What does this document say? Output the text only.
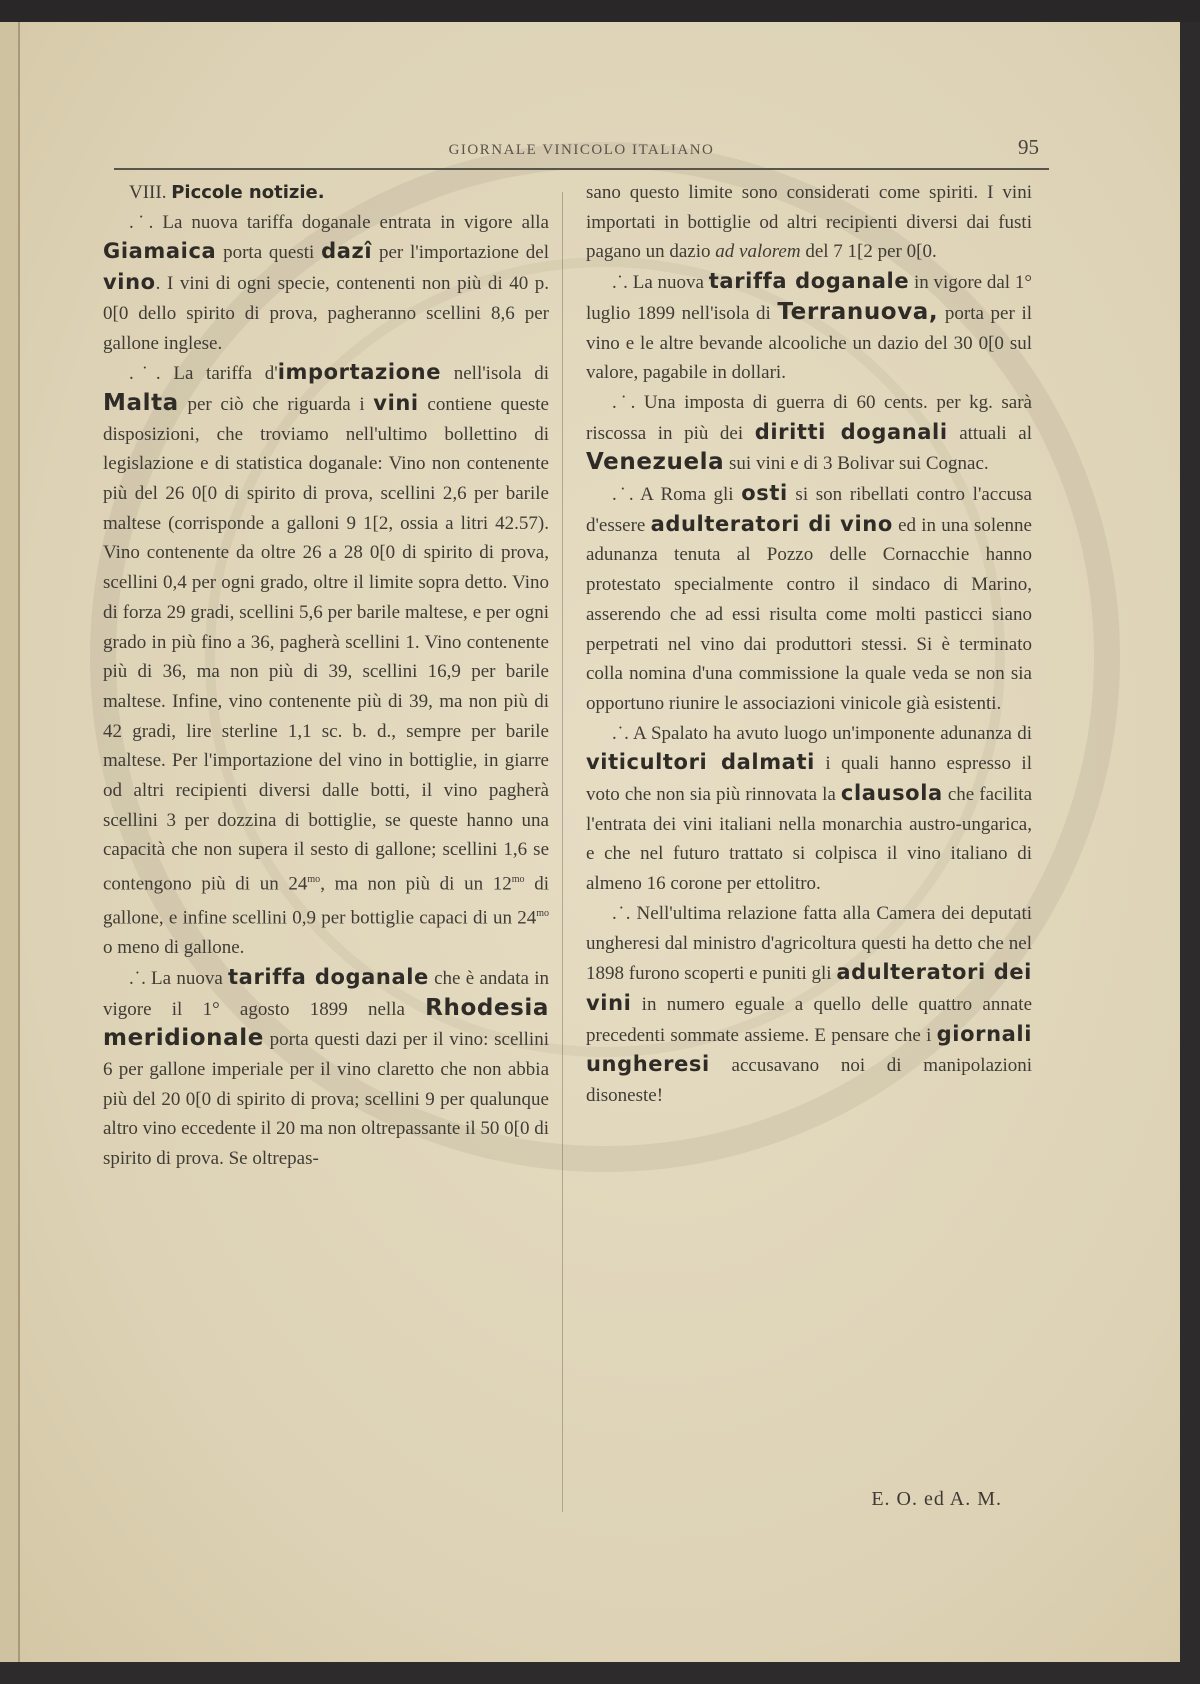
GIORNALE VINICOLO ITALIANO	95

VIII. Piccole notizie.

.˙. La nuova tariffa doganale entrata in vigore alla Giamaica porta questi dazî per l'importazione del vino. I vini di ogni specie, contenenti non più di 40 p. 0[0 dello spirito di prova, pagheranno scellini 8,6 per gallone inglese.

.˙. La tariffa d'importazione nell'isola di Malta per ciò che riguarda i vini contiene queste disposizioni, che troviamo nell'ultimo bollettino di legislazione e di statistica doganale: Vino non contenente più del 26 0[0 di spirito di prova, scellini 2,6 per barile maltese (corrisponde a galloni 9 1[2, ossia a litri 42.57). Vino contenente da oltre 26 a 28 0[0 di spirito di prova, scellini 0,4 per ogni grado, oltre il limite sopra detto. Vino di forza 29 gradi, scellini 5,6 per barile maltese, e per ogni grado in più fino a 36, pagherà scellini 1. Vino contenente più di 36, ma non più di 39, scellini 16,9 per barile maltese. Infine, vino contenente più di 39, ma non più di 42 gradi, lire sterline 1,1 sc. b. d., sempre per barile maltese. Per l'importazione del vino in bottiglie, in giarre od altri recipienti diversi dalle botti, il vino pagherà scellini 3 per dozzina di bottiglie, se queste hanno una capacità che non supera il sesto di gallone; scellini 1,6 se contengono più di un $24^{mo}$, ma non più di un $12^{mo}$ di gallone, e infine scellini 0,9 per bottiglie capaci di un $24^{mo}$ o meno di gallone.

.˙. La nuova tariffa doganale che è andata in vigore il 1° agosto 1899 nella Rhodesia meridionale porta questi dazi per il vino: scellini 6 per gallone imperiale per il vino claretto che non abbia più del 20 0[0 di spirito di prova; scellini 9 per qualunque altro vino eccedente il 20 ma non oltrepassante il 50 0[0 di spirito di prova. Se oltrepas-

sano questo limite sono considerati come spiriti. I vini importati in bottiglie od altri recipienti diversi dai fusti pagano un dazio ad valorem del 7 1[2 per 0[0.

.˙. La nuova tariffa doganale in vigore dal 1° luglio 1899 nell'isola di Terranuova, porta per il vino e le altre bevande alcooliche un dazio del 30 0[0 sul valore, pagabile in dollari.

.˙. Una imposta di guerra di 60 cents. per kg. sarà riscossa in più dei diritti doganali attuali al Venezuela sui vini e di 3 Bolivar sui Cognac.

.˙. A Roma gli osti si son ribellati contro l'accusa d'essere adulteratori di vino ed in una solenne adunanza tenuta al Pozzo delle Cornacchie hanno protestato specialmente contro il sindaco di Marino, asserendo che ad essi risulta come molti pasticci siano perpetrati nel vino dai produttori stessi. Si è terminato colla nomina d'una commissione la quale veda se non sia opportuno riunire le associazioni vinicole già esistenti.

.˙. A Spalato ha avuto luogo un'imponente adunanza di viticultori dalmati i quali hanno espresso il voto che non sia più rinnovata la clausola che facilita l'entrata dei vini italiani nella monarchia austro-ungarica, e che nel futuro trattato si colpisca il vino italiano di almeno 16 corone per ettolitro.

.˙. Nell'ultima relazione fatta alla Camera dei deputati ungheresi dal ministro d'agricoltura questi ha detto che nel 1898 furono scoperti e puniti gli adulteratori dei vini in numero eguale a quello delle quattro annate precedenti sommate assieme. E pensare che i giornali ungheresi accusavano noi di manipolazioni disoneste!

E. O. ed A. M.
